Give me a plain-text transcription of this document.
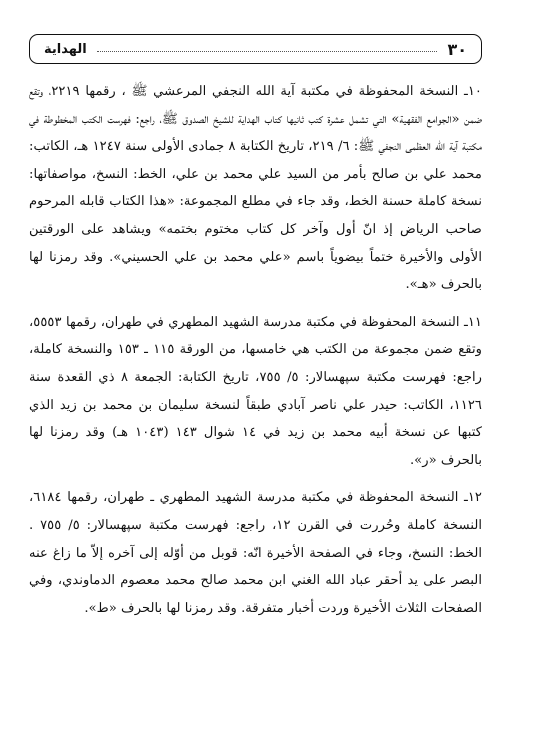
الهداية	٣٠

١٠ـ النسخة المحفوظة في مكتبة آية الله النجفي المرعشي ﷺ ، رقمها ٢٢١٩، وتقع ضمن «الجوامع الفقهية» التي تشمل عشرة كتب ثانيها كتاب الهداية للشيخ الصدوق ﷺ، راجع: فهرست الكتب المخطوطة في مكتبة آية الله العظمى النجفي ﷺ: ٦/ ٢١٩، تاريخ الكتابة ٨ جمادى الأولى سنة ١٢٤٧ هـ، الكاتب: محمد علي بن صالح بأمر من السيد علي محمد بن علي، الخط: النسخ، مواصفاتها: نسخة كاملة حسنة الخط، وقد جاء في مطلع المجموعة: «هذا الكتاب قابله المرحوم صاحب الرياض إذ انّ أول وآخر كل كتاب مختوم بختمه» ويشاهد على الورقتين الأولى والأخيرة ختماً بيضوياً باسم «علي محمد بن علي الحسيني». وقد رمزنا لها بالحرف «هـ».

١١ـ النسخة المحفوظة في مكتبة مدرسة الشهيد المطهري في طهران، رقمها ٥٥٥٣، وتقع ضمن مجموعة من الكتب هي خامسها، من الورقة ١١٥ ـ ١٥٣ والنسخة كاملة، راجع: فهرست مكتبة سپهسالار: ٥/ ٧٥٥، تاريخ الكتابة: الجمعة ٨ ذي القعدة سنة ١١٢٦، الكاتب: حيدر علي ناصر آبادي طبقاً لنسخة سليمان بن محمد بن زيد الذي كتبها عن نسخة أبيه محمد بن زيد في ١٤ شوال ١٤٣ (١٠٤٣ هـ) وقد رمزنا لها بالحرف «ر».

١٢ـ النسخة المحفوظة في مكتبة مدرسة الشهيد المطهري ـ طهران، رقمها ٦١٨٤، النسخة كاملة وحُررت في القرن ١٢، راجع: فهرست مكتبة سپهسالار: ٥/ ٧٥٥ . الخط: النسخ، وجاء في الصفحة الأخيرة انّه: قوبل من أوّله إلى آخره إلاّ ما زاغ عنه البصر على يد أحقر عباد الله الغني ابن محمد صالح محمد معصوم الدماوندي، وفي الصفحات الثلاث الأخيرة وردت أخبار متفرقة. وقد رمزنا لها بالحرف «ط».
